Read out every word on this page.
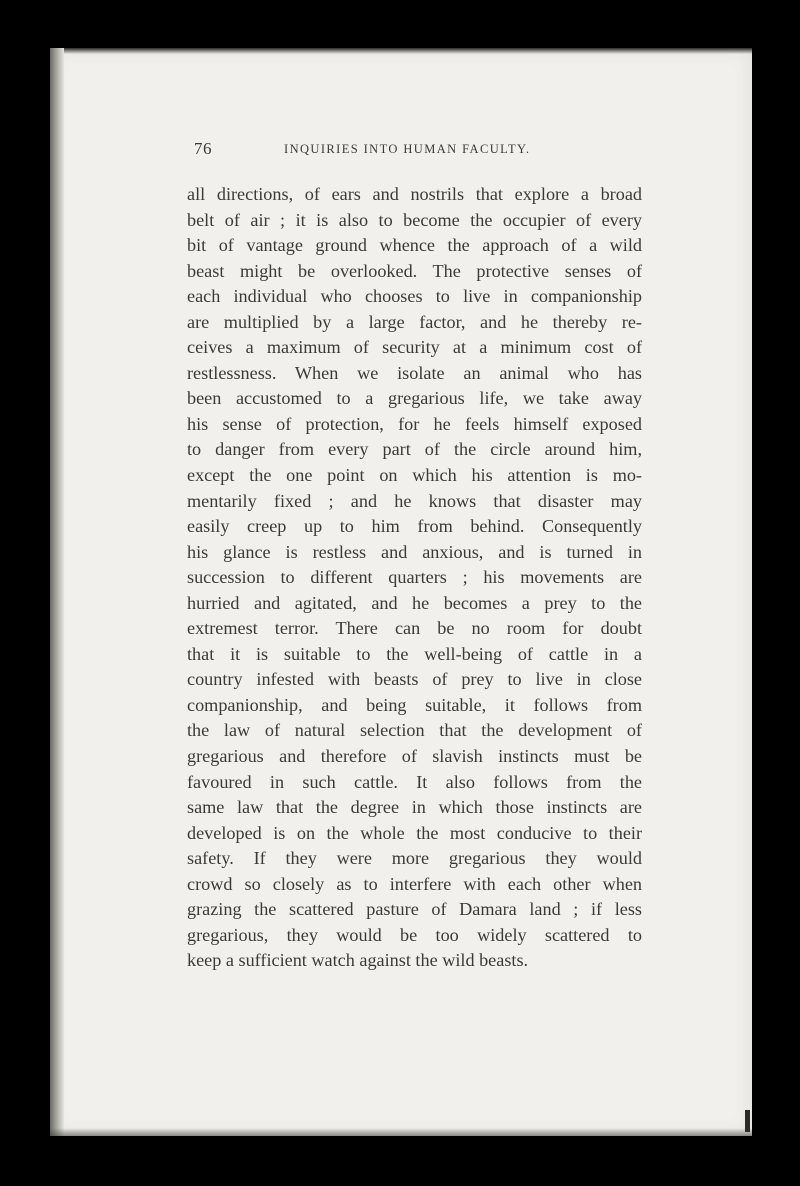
76	INQUIRIES INTO HUMAN FACULTY.
all directions, of ears and nostrils that explore a broad
belt of air ; it is also to become the occupier of every
bit of vantage ground whence the approach of a wild
beast might be overlooked. The protective senses of
each individual who chooses to live in companionship
are multiplied by a large factor, and he thereby re-
ceives a maximum of security at a minimum cost of
restlessness. When we isolate an animal who has
been accustomed to a gregarious life, we take away
his sense of protection, for he feels himself exposed
to danger from every part of the circle around him,
except the one point on which his attention is mo-
mentarily fixed ; and he knows that disaster may
easily creep up to him from behind. Consequently
his glance is restless and anxious, and is turned in
succession to different quarters ; his movements are
hurried and agitated, and he becomes a prey to the
extremest terror. There can be no room for doubt
that it is suitable to the well-being of cattle in a
country infested with beasts of prey to live in close
companionship, and being suitable, it follows from
the law of natural selection that the development of
gregarious and therefore of slavish instincts must be
favoured in such cattle. It also follows from the
same law that the degree in which those instincts are
developed is on the whole the most conducive to their
safety. If they were more gregarious they would
crowd so closely as to interfere with each other when
grazing the scattered pasture of Damara land ; if less
gregarious, they would be too widely scattered to
keep a sufficient watch against the wild beasts.
